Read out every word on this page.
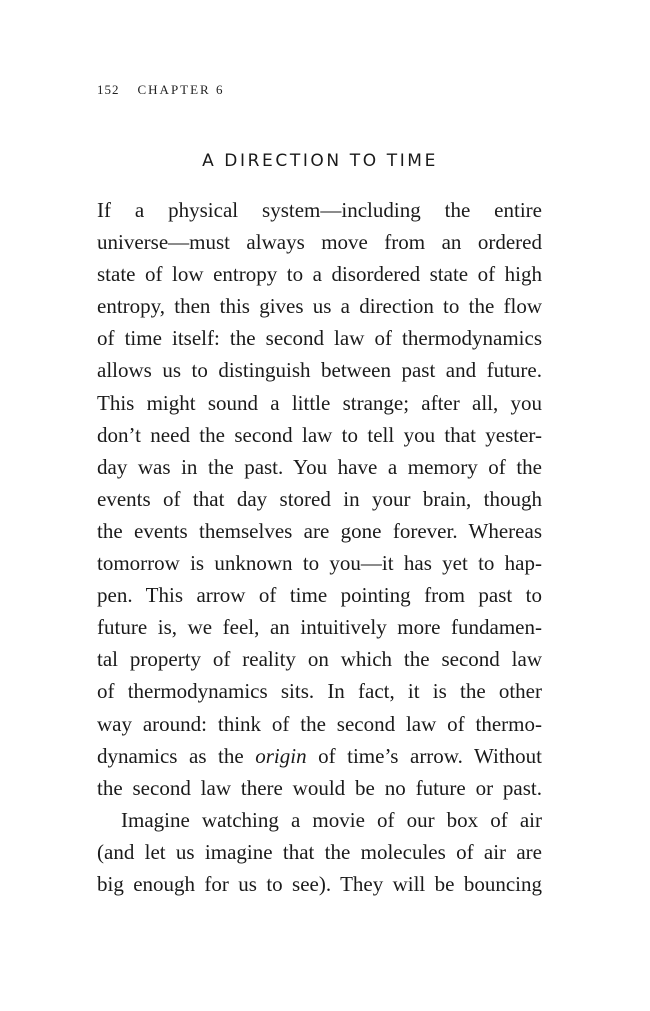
152 CHAPTER 6
A DIRECTION TO TIME
If a physical system—including the entire
universe—must always move from an ordered
state of low entropy to a disordered state of high
entropy, then this gives us a direction to the flow
of time itself: the second law of thermodynamics
allows us to distinguish between past and future.
This might sound a little strange; after all, you
don’t need the second law to tell you that yester-
day was in the past. You have a memory of the
events of that day stored in your brain, though
the events themselves are gone forever. Whereas
tomorrow is unknown to you—it has yet to hap-
pen. This arrow of time pointing from past to
future is, we feel, an intuitively more fundamen-
tal property of reality on which the second law
of thermodynamics sits. In fact, it is the other
way around: think of the second law of thermo-
dynamics as the origin of time’s arrow. Without
the second law there would be no future or past.
Imagine watching a movie of our box of air
(and let us imagine that the molecules of air are
big enough for us to see). They will be bouncing
